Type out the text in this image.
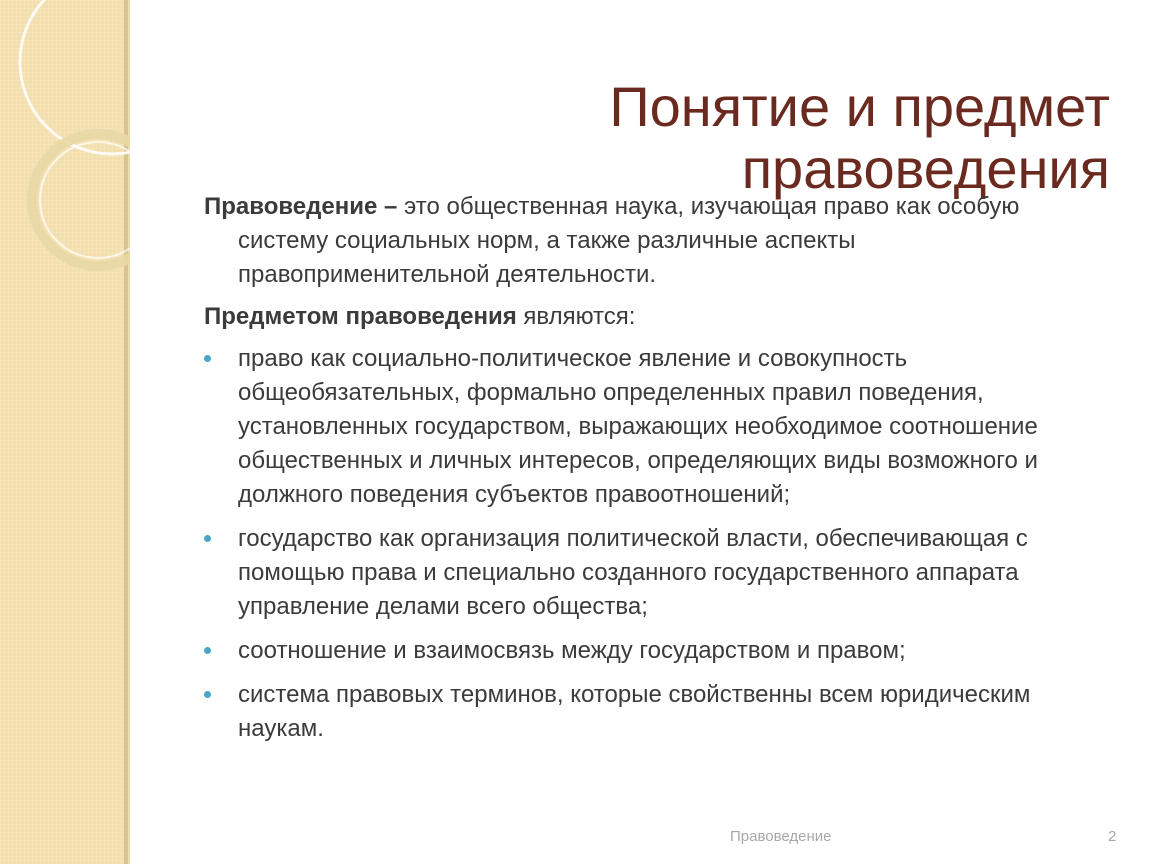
Понятие и предмет
правоведения

Правоведение – это общественная наука, изучающая право как особую систему социальных норм, а также различные аспекты правоприменительной деятельности.

Предметом правоведения являются:

право как социально-политическое явление и совокупность общеобязательных, формально определенных правил поведения, установленных государством, выражающих необходимое соотношение общественных и личных интересов, определяющих виды возможного и должного поведения субъектов правоотношений;
государство как организация политической власти, обеспечивающая с помощью права и специально созданного государственного аппарата управление делами всего общества;
соотношение и взаимосвязь между государством и правом;
система правовых терминов, которые свойственны всем юридическим наукам.
Правоведение	2
